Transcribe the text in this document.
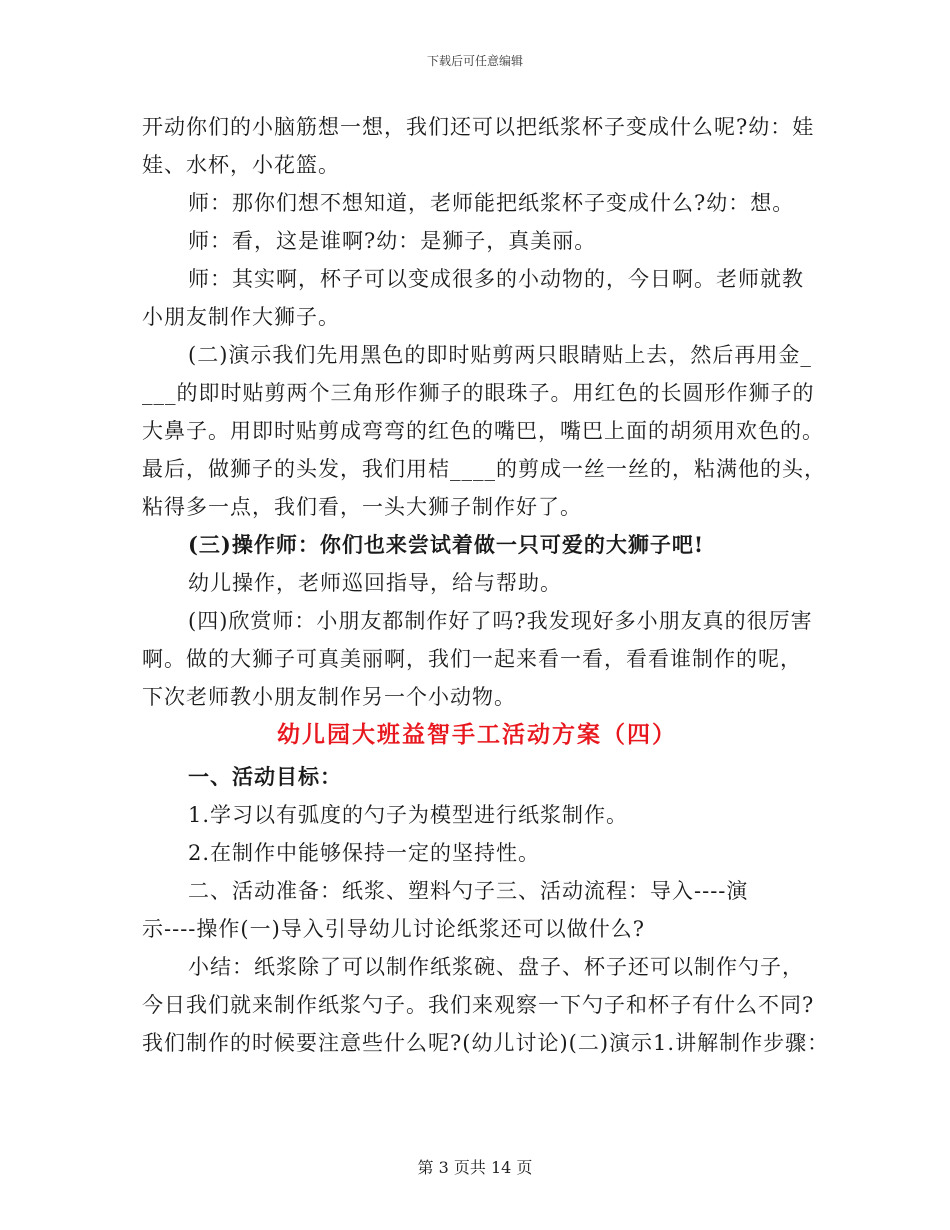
下载后可任意编辑
开动你们的小脑筋想一想，我们还可以把纸浆杯子变成什么呢?幼：娃
娃、水杯，小花篮。
师：那你们想不想知道，老师能把纸浆杯子变成什么?幼：想。
师：看，这是谁啊?幼：是狮子，真美丽。
师：其实啊，杯子可以变成很多的小动物的，今日啊。老师就教
小朋友制作大狮子。
(二)演示我们先用黑色的即时贴剪两只眼睛贴上去，然后再用金_
___的即时贴剪两个三角形作狮子的眼珠子。用红色的长圆形作狮子的
大鼻子。用即时贴剪成弯弯的红色的嘴巴，嘴巴上面的胡须用欢色的。
最后，做狮子的头发，我们用桔____的剪成一丝一丝的，粘满他的头，
粘得多一点，我们看，一头大狮子制作好了。
(三)操作师：你们也来尝试着做一只可爱的大狮子吧!
幼儿操作，老师巡回指导，给与帮助。
(四)欣赏师：小朋友都制作好了吗?我发现好多小朋友真的很厉害
啊。做的大狮子可真美丽啊，我们一起来看一看，看看谁制作的呢，
下次老师教小朋友制作另一个小动物。
幼儿园大班益智手工活动方案（四）
一、活动目标：
1.学习以有弧度的勺子为模型进行纸浆制作。
2.在制作中能够保持一定的坚持性。
二、活动准备：纸浆、塑料勺子三、活动流程：导入----演
示----操作(一)导入引导幼儿讨论纸浆还可以做什么?
小结：纸浆除了可以制作纸浆碗、盘子、杯子还可以制作勺子，
今日我们就来制作纸浆勺子。我们来观察一下勺子和杯子有什么不同?
我们制作的时候要注意些什么呢?(幼儿讨论)(二)演示1.讲解制作步骤：
第 3 页共 14 页
